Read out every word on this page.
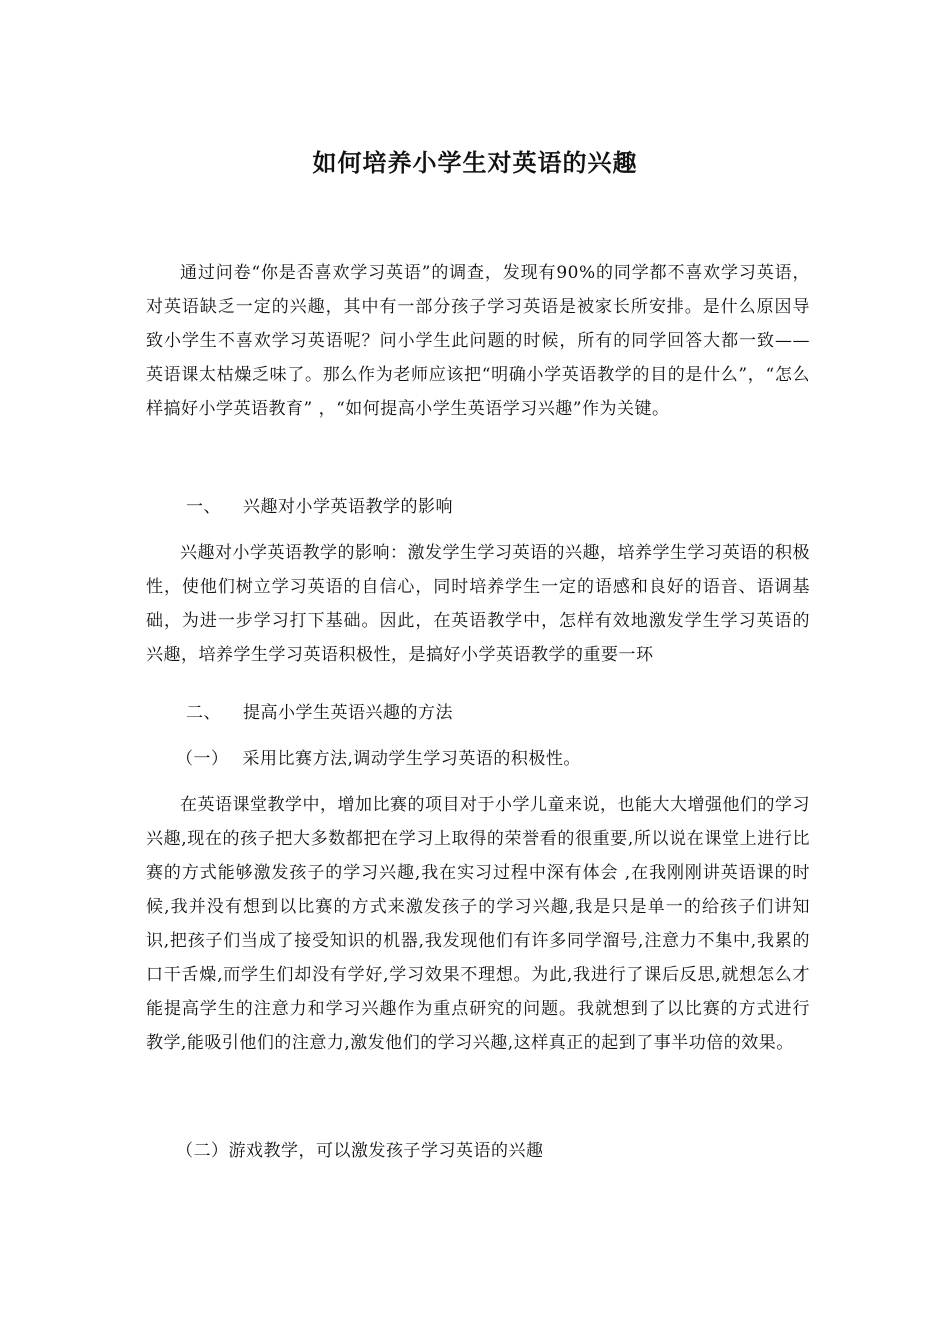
如何培养小学生对英语的兴趣

通过问卷“你是否喜欢学习英语”的调查，发现有90%的同学都不喜欢学习英语，对英语缺乏一定的兴趣，其中有一部分孩子学习英语是被家长所安排。是什么原因导致小学生不喜欢学习英语呢？问小学生此问题的时候，所有的同学回答大都一致——英语课太枯燥乏味了。那么作为老师应该把“明确小学英语教学的目的是什么”，“怎么样搞好小学英语教育” ，“如何提高小学生英语学习兴趣”作为关键。

一、 兴趣对小学英语教学的影响

兴趣对小学英语教学的影响：激发学生学习英语的兴趣，培养学生学习英语的积极性，使他们树立学习英语的自信心，同时培养学生一定的语感和良好的语音、语调基础，为进一步学习打下基础。因此，在英语教学中，怎样有效地激发学生学习英语的兴趣，培养学生学习英语积极性，是搞好小学英语教学的重要一环

二、 提高小学生英语兴趣的方法
（一） 采用比赛方法,调动学生学习英语的积极性。

在英语课堂教学中，增加比赛的项目对于小学儿童来说，也能大大增强他们的学习兴趣,现在的孩子把大多数都把在学习上取得的荣誉看的很重要,所以说在课堂上进行比赛的方式能够激发孩子的学习兴趣,我在实习过程中深有体会 ,在我刚刚讲英语课的时候,我并没有想到以比赛的方式来激发孩子的学习兴趣,我是只是单一的给孩子们讲知识,把孩子们当成了接受知识的机器,我发现他们有许多同学溜号,注意力不集中,我累的口干舌燥,而学生们却没有学好,学习效果不理想。为此,我进行了课后反思,就想怎么才能提高学生的注意力和学习兴趣作为重点研究的问题。我就想到了以比赛的方式进行教学,能吸引他们的注意力,激发他们的学习兴趣,这样真正的起到了事半功倍的效果。

（二）游戏教学，可以激发孩子学习英语的兴趣
